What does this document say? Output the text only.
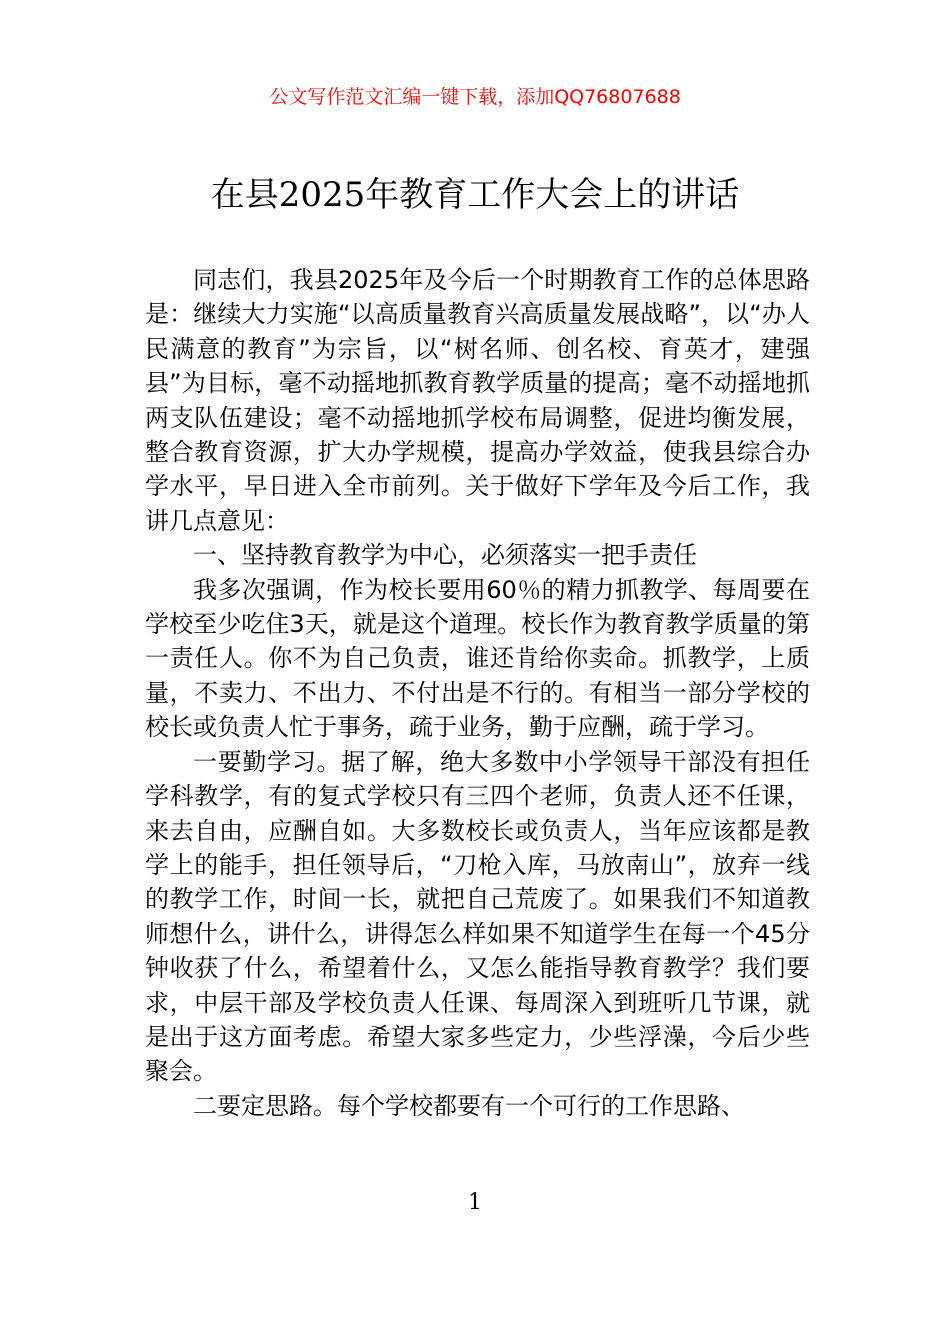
公文写作范文汇编一键下载，添加QQ76807688
在县2025年教育工作大会上的讲话

同志们，我县2025年及今后一个时期教育工作的总体思路是：继续大力实施“以高质量教育兴高质量发展战略”，以“办人民满意的教育”为宗旨，以“树名师、创名校、育英才，建强县”为目标，毫不动摇地抓教育教学质量的提高；毫不动摇地抓两支队伍建设；毫不动摇地抓学校布局调整，促进均衡发展，整合教育资源，扩大办学规模，提高办学效益，使我县综合办学水平，早日进入全市前列。关于做好下学年及今后工作，我讲几点意见：

一、坚持教育教学为中心，必须落实一把手责任

我多次强调，作为校长要用60％的精力抓教学、每周要在学校至少吃住3天，就是这个道理。校长作为教育教学质量的第一责任人。你不为自己负责，谁还肯给你卖命。抓教学，上质量，不卖力、不出力、不付出是不行的。有相当一部分学校的校长或负责人忙于事务，疏于业务，勤于应酬，疏于学习。

一要勤学习。据了解，绝大多数中小学领导干部没有担任学科教学，有的复式学校只有三四个老师，负责人还不任课，来去自由，应酬自如。大多数校长或负责人，当年应该都是教学上的能手，担任领导后，“刀枪入库，马放南山”，放弃一线的教学工作，时间一长，就把自己荒废了。如果我们不知道教师想什么，讲什么，讲得怎么样如果不知道学生在每一个45分钟收获了什么，希望着什么，又怎么能指导教育教学？我们要求，中层干部及学校负责人任课、每周深入到班听几节课，就是出于这方面考虑。希望大家多些定力，少些浮澡，今后少些聚会。

二要定思路。每个学校都要有一个可行的工作思路、

1
